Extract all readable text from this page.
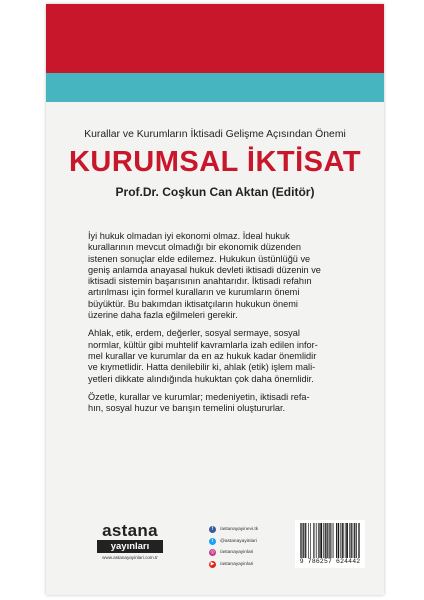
Kurallar ve Kurumların İktisadi Gelişme Açısından Önemi
KURUMSAL İKTİSAT
Prof.Dr. Coşkun Can Aktan (Editör)

İyi hukuk olmadan iyi ekonomi olmaz. İdeal hukuk
kurallarının mevcut olmadığı bir ekonomik düzenden
istenen sonuçlar elde edilemez. Hukukun üstünlüğü ve
geniş anlamda anayasal hukuk devleti iktisadi düzenin ve
iktisadi sistemin başarısının anahtarıdır. İktisadi refahın
artırılması için formel kuralların ve kurumların önemi
büyüktür. Bu bakımdan iktisatçıların hukukun önemi
üzerine daha fazla eğilmeleri gerekir.

Ahlak, etik, erdem, değerler, sosyal sermaye, sosyal
normlar, kültür gibi muhtelif kavramlarla izah edilen infor-
mel kurallar ve kurumlar da en az hukuk kadar önemlidir
ve kıymetlidir. Hatta denilebilir ki, ahlak (etik) işlem mali-
yetleri dikkate alındığında hukuktan çok daha önemlidir.

Özetle, kurallar ve kurumlar; medeniyetin, iktisadi refa-
hın, sosyal huzur ve barışın temelini oluştururlar.

astana
yayınları
www.astanayayinlari.com.tr
f	/astanayayinevi.tk
t	@astanayayinlari
◎ /astanayayinlari
▶	/astanayayinlari	9 786257 624442
